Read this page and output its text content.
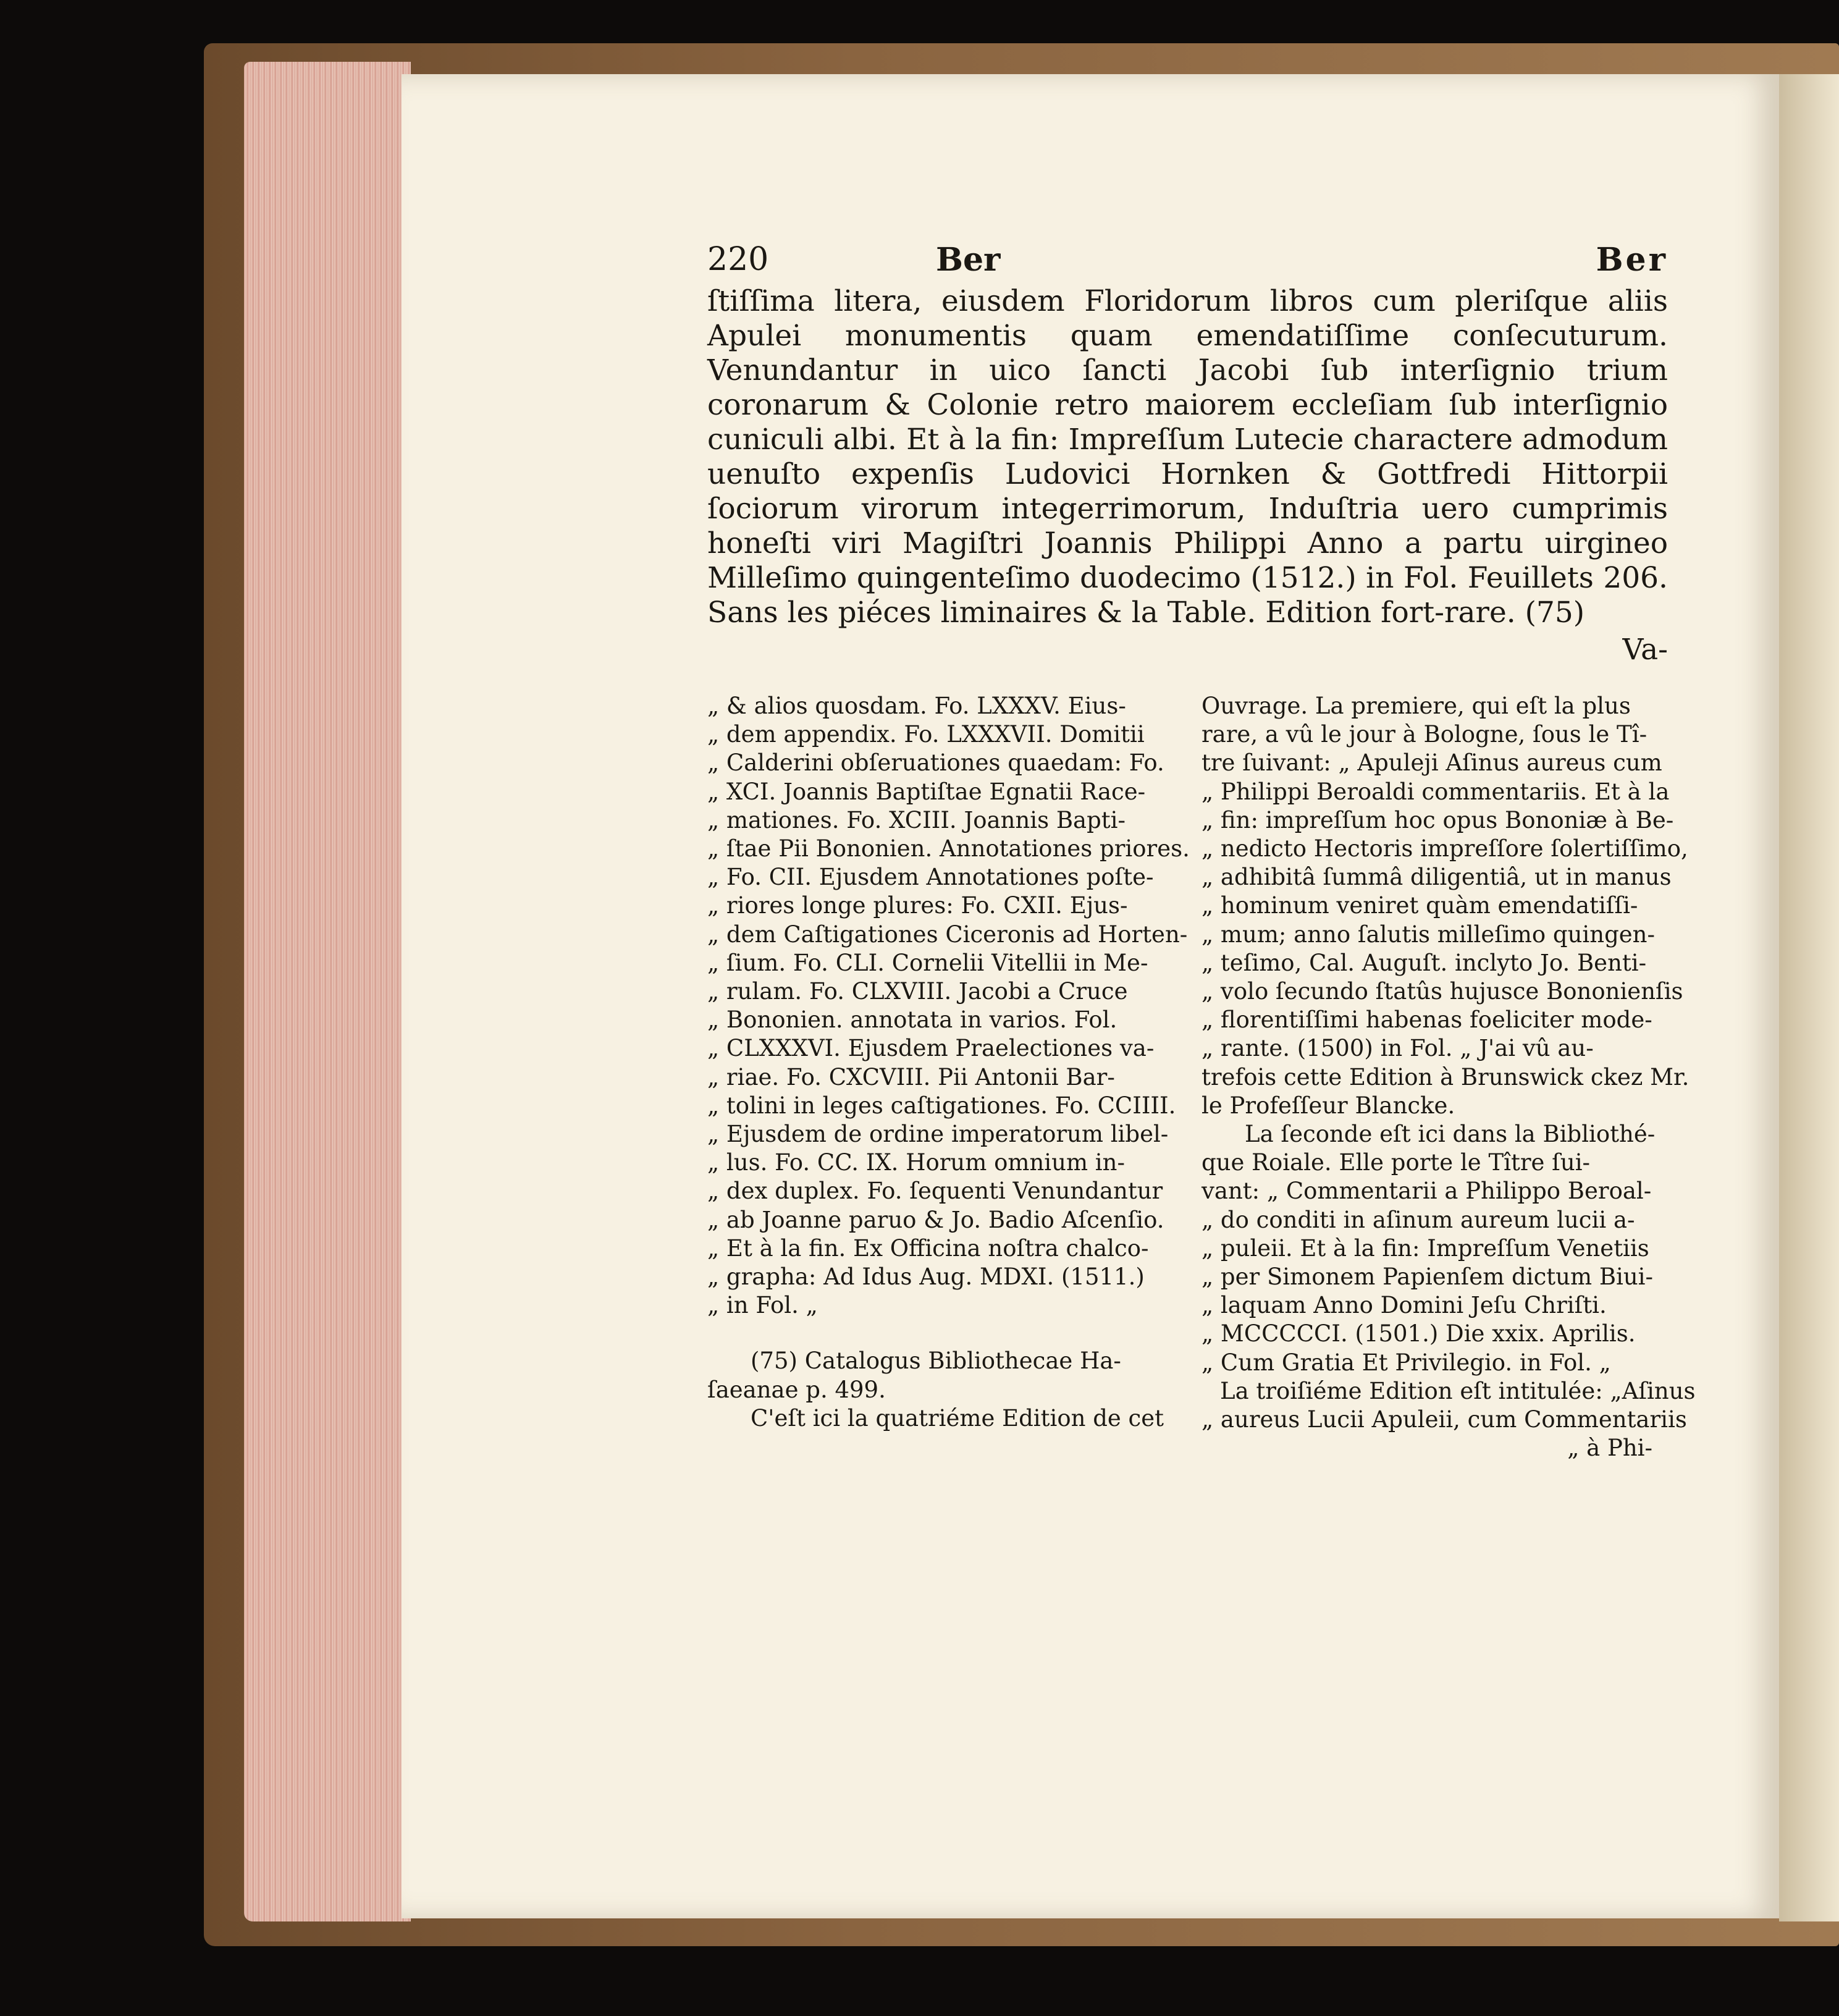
220	Ber	Ber
ſtiſſima litera, eiusdem Floridorum libros cum pleriſque aliis Apulei monumentis quam emendatiſſime conſecuturum. Venundantur in uico ſancti Jacobi ſub interſignio trium coronarum & Colonie retro maiorem eccleſiam ſub interſignio cuniculi albi. Et à la fin: Impreſſum Lutecie charactere admodum uenuſto expenſis Ludovici Hornken & Gottfredi Hittorpii ſociorum virorum integerrimorum, Induſtria uero cumprimis honeſti viri Magiſtri Joannis Philippi Anno a partu uirgineo Milleſimo quingenteſimo duodecimo (1512.) in Fol. Feuillets 206. Sans les piéces liminaires & la Table. Edition fort-rare. (75)
Va-

„ & alios quosdam. Fo. LXXXV. Eius-
„ dem appendix. Fo. LXXXVII. Domitii
„ Calderini obſeruationes quaedam: Fo.
„ XCI. Joannis Baptiſtae Egnatii Race-
„ mationes. Fo. XCIII. Joannis Bapti-
„ ſtae Pii Bononien. Annotationes priores.
„ Fo. CII. Ejusdem Annotationes poſte-
„ riores longe plures: Fo. CXII. Ejus-
„ dem Caſtigationes Ciceronis ad Horten-
„ ſium. Fo. CLI. Cornelii Vitellii in Me-
„ rulam. Fo. CLXVIII. Jacobi a Cruce
„ Bononien. annotata in varios. Fol.
„ CLXXXVI. Ejusdem Praelectiones va-
„ riae. Fo. CXCVIII. Pii Antonii Bar-
„ tolini in leges caſtigationes. Fo. CCIIII.
„ Ejusdem de ordine imperatorum libel-
„ lus. Fo. CC. IX. Horum omnium in-
„ dex duplex. Fo. ſequenti Venundantur
„ ab Joanne paruo & Jo. Badio Aſcenſio.
„ Et à la fin. Ex Officina noſtra chalco-
„ grapha: Ad Idus Aug. MDXI. (1511.)
„ in Fol. „

(75) Catalogus Bibliothecae Ha-
ſaeanae p. 499.

C'eſt ici la quatriéme Edition de cet

Ouvrage. La premiere, qui eſt la plus
rare, a vû le jour à Bologne, ſous le Tî-
tre ſuivant: „ Apuleji Aſinus aureus cum
„ Philippi Beroaldi commentariis. Et à la
„ fin: impreſſum hoc opus Bononiæ à Be-
„ nedicto Hectoris impreſſore ſolertiſſimo,
„ adhibitâ ſummâ diligentiâ, ut in manus
„ hominum veniret quàm emendatiſſi-
„ mum; anno ſalutis milleſimo quingen-
„ teſimo, Cal. Auguſt. inclyto Jo. Benti-
„ volo ſecundo ſtatûs hujusce Bononienſis
„ florentiſſimi habenas foeliciter mode-
„ rante. (1500) in Fol. „ J'ai vû au-
trefois cette Edition à Brunswick ckez Mr.
le Profeſſeur Blancke.

La ſeconde eſt ici dans la Bibliothé-
que Roiale. Elle porte le Tître ſui-
vant: „ Commentarii a Philippo Beroal-
„ do conditi in aſinum aureum lucii a-
„ puleii. Et à la fin: Impreſſum Venetiis
„ per Simonem Papienſem dictum Biui-
„ laquam Anno Domini Jeſu Chriſti.
„ MCCCCCI. (1501.) Die xxix. Aprilis.
„ Cum Gratia Et Privilegio. in Fol. „

La troiſiéme Edition eſt intitulée: „Aſinus
„ aureus Lucii Apuleii, cum Commentariis
„ à Phi-
